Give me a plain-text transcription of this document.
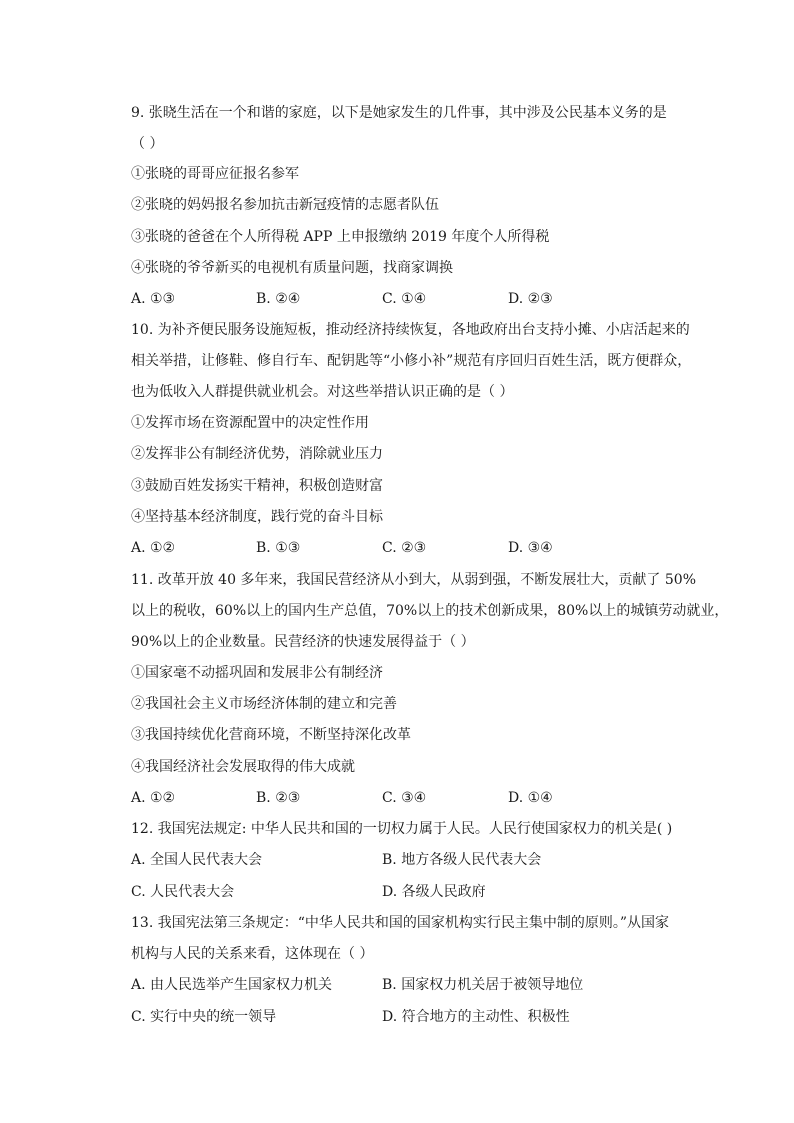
9. 张晓生活在一个和谐的家庭，以下是她家发生的几件事，其中涉及公民基本义务的是
（ ）
①张晓的哥哥应征报名参军
②张晓的妈妈报名参加抗击新冠疫情的志愿者队伍
③张晓的爸爸在个人所得税 APP 上申报缴纳 2019 年度个人所得税
④张晓的爷爷新买的电视机有质量问题，找商家调换
A. ①③	B. ②④	C. ①④	D. ②③
10. 为补齐便民服务设施短板，推动经济持续恢复，各地政府出台支持小摊、小店活起来的
相关举措，让修鞋、修自行车、配钥匙等“小修小补”规范有序回归百姓生活，既方便群众，
也为低收入人群提供就业机会。对这些举措认识正确的是（ ）
①发挥市场在资源配置中的决定性作用
②发挥非公有制经济优势，消除就业压力
③鼓励百姓发扬实干精神，积极创造财富
④坚持基本经济制度，践行党的奋斗目标
A. ①②	B. ①③	C. ②③	D. ③④
11. 改革开放 40 多年来，我国民营经济从小到大，从弱到强，不断发展壮大，贡献了 50%
以上的税收，60%以上的国内生产总值，70%以上的技术创新成果，80%以上的城镇劳动就业，
90%以上的企业数量。民营经济的快速发展得益于（ ）
①国家毫不动摇巩固和发展非公有制经济
②我国社会主义市场经济体制的建立和完善
③我国持续优化营商环境，不断坚持深化改革
④我国经济社会发展取得的伟大成就
A. ①②	B. ②③	C. ③④	D. ①④
12. 我国宪法规定: 中华人民共和国的一切权力属于人民。人民行使国家权力的机关是( )
A. 全国人民代表大会	B. 地方各级人民代表大会
C. 人民代表大会	D. 各级人民政府
13. 我国宪法第三条规定：“中华人民共和国的国家机构实行民主集中制的原则。”从国家
机构与人民的关系来看，这体现在（ ）
A. 由人民选举产生国家权力机关	B. 国家权力机关居于被领导地位
C. 实行中央的统一领导	D. 符合地方的主动性、积极性
